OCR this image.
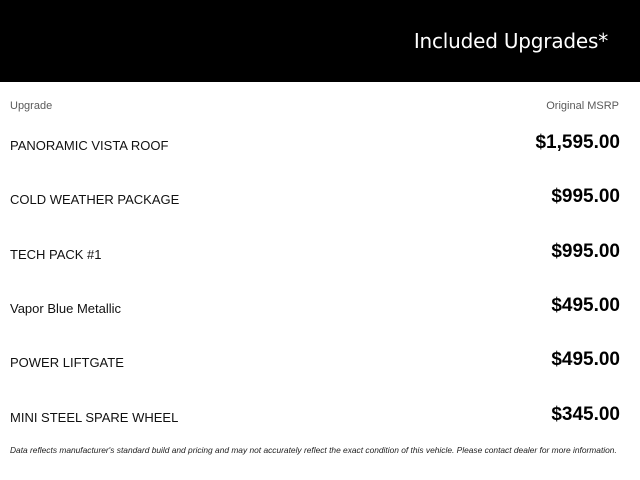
Included Upgrades*
Upgrade	Original MSRP
PANORAMIC VISTA ROOF	$1,595.00
COLD WEATHER PACKAGE	$995.00
TECH PACK #1	$995.00
Vapor Blue Metallic	$495.00
POWER LIFTGATE	$495.00
MINI STEEL SPARE WHEEL	$345.00
Data reflects manufacturer's standard build and pricing and may not accurately reflect the exact condition of this vehicle. Please contact dealer for more information.
